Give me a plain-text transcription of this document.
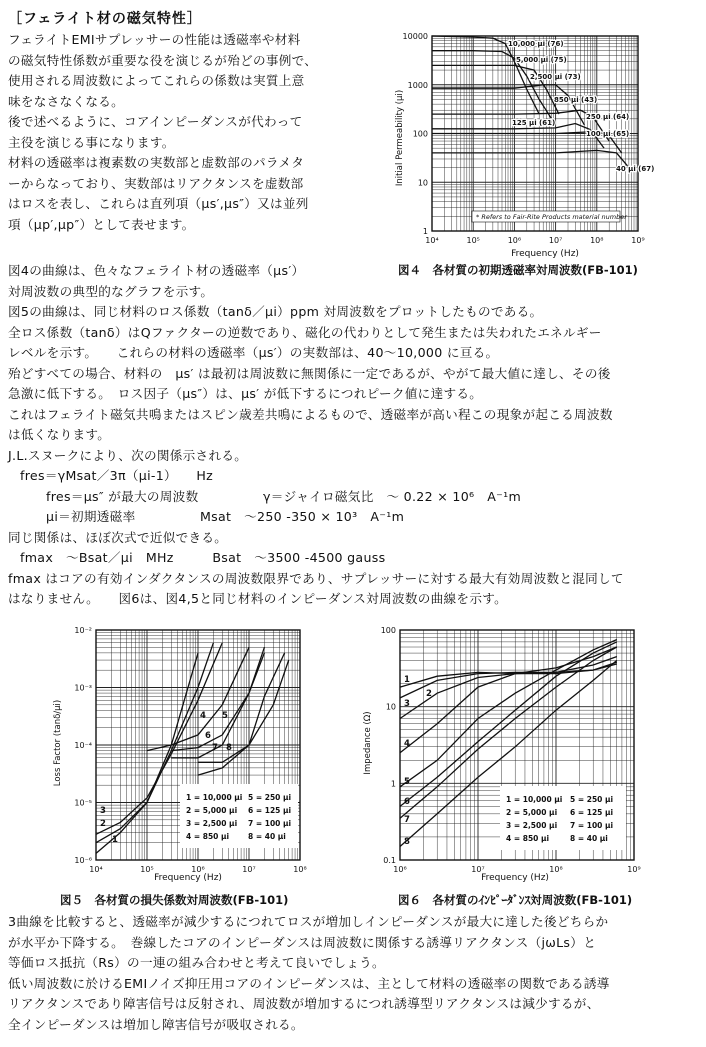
［フェライト材の磁気特性］
フェライトEMIサプレッサーの性能は透磁率や材料
の磁気特性係数が重要な役を演じるが殆どの事例で、
使用される周波数によってこれらの係数は実質上意
味をなさなくなる。
後で述べるように、コアインピーダンスが代わって
主役を演じる事になります。
材料の透磁率は複素数の実数部と虚数部のパラメタ
ーからなっており、実数部はリアクタンスを虚数部
はロスを表し、これらは直列項（μs′,μs″）又は並列
項（μp′,μp″）として表せます。
10⁴	10⁵	10⁶	10⁷	10⁸	10⁹
10000
1000
100
10
1
10,000 μi (76)
5,000 μi (75)
2,500 μi (73)
850 μi (43)
250 μi (64)
125 μi (61)
100 μi (65)
40 μi (67)
Frequency (Hz)
Initial Permeability (μi)
* Refers to Fair-Rite Products material number
図４　各材質の初期透磁率対周波数(FB-101)
図4の曲線は、色々なフェライト材の透磁率（μs′）
対周波数の典型的なグラフを示す。
図5の曲線は、同じ材料のロス係数（tanδ／μi）ppm 対周波数をプロットしたものである。
全ロス係数（tanδ）はQファクターの逆数であり、磁化の代わりとして発生または失われたエネルギー
レベルを示す。　　これらの材料の透磁率（μs′）の実数部は、40～10,000 に亘る。
殆どすべての場合、材料の　μs′ は最初は周波数に無関係に一定であるが、やがて最大値に達し、その後
急激に低下する。　ロス因子（μs″）は、μs′ が低下するにつれピーク値に達する。
これはフェライト磁気共鳴またはスピン歳差共鳴によるもので、透磁率が高い程この現象が起こる周波数
は低くなります。
J.L.スヌークにより、次の関係示される。
fres＝γMsat／3π（μi-1）　　Hz
fres＝μs″ が最大の周波数　　　　　γ＝ジャイロ磁気比　～ 0.22 × 10⁶　A⁻¹m
μi＝初期透磁率　　　　　Msat　～250 -350 × 10³　A⁻¹m
同じ関係は、ほぼ次式で近似できる。
fmax　～Bsat／μi　MHz　　　Bsat　～3500 -4500 gauss
fmax はコアの有効インダクタンスの周波数限界であり、サプレッサーに対する最大有効周波数と混同して
はなりません。　　図6は、図4,5と同じ材料のインピーダンス対周波数の曲線を示す。
1
2
3
4 5
6
7 8
10⁴	10⁵	10⁶	10⁷	10⁸
10⁻²
10⁻³
10⁻⁴
10⁻⁵
10⁻⁶
1 = 10,000 μi
2 = 5,000 μi
3 = 2,500 μi
4 = 850 μi
5 = 250 μi
6 = 125 μi
7 = 100 μi
8 = 40 μi
Frequency (Hz)
Loss Factor (tanδ/μi)
図５　各材質の損失係数対周波数(FB-101)
1
2
3
4
5
6
7
8
10⁶	10⁷	10⁸	10⁹
100
10
1
0.1
1 = 10,000 μi
2 = 5,000 μi
3 = 2,500 μi
4 = 850 μi
5 = 250 μi
6 = 125 μi
7 = 100 μi
8 = 40 μi
Frequency (Hz)
Impedance (Ω)
図６　各材質のｲﾝﾋﾟｰﾀﾞﾝｽ対周波数(FB-101)
3曲線を比較すると、透磁率が減少するにつれてロスが増加しインピーダンスが最大に達した後どちらか
が水平か下降する。　巻線したコアのインピーダンスは周波数に関係する誘導リアクタンス（jωLs）と
等価ロス抵抗（Rs）の一連の組み合わせと考えて良いでしょう。
低い周波数に於けるEMIノイズ抑圧用コアのインピーダンスは、主として材料の透磁率の関数である誘導
リアクタンスであり障害信号は反射され、周波数が増加するにつれ誘導型リアクタンスは減少するが、
全インピーダンスは増加し障害信号が吸収される。
